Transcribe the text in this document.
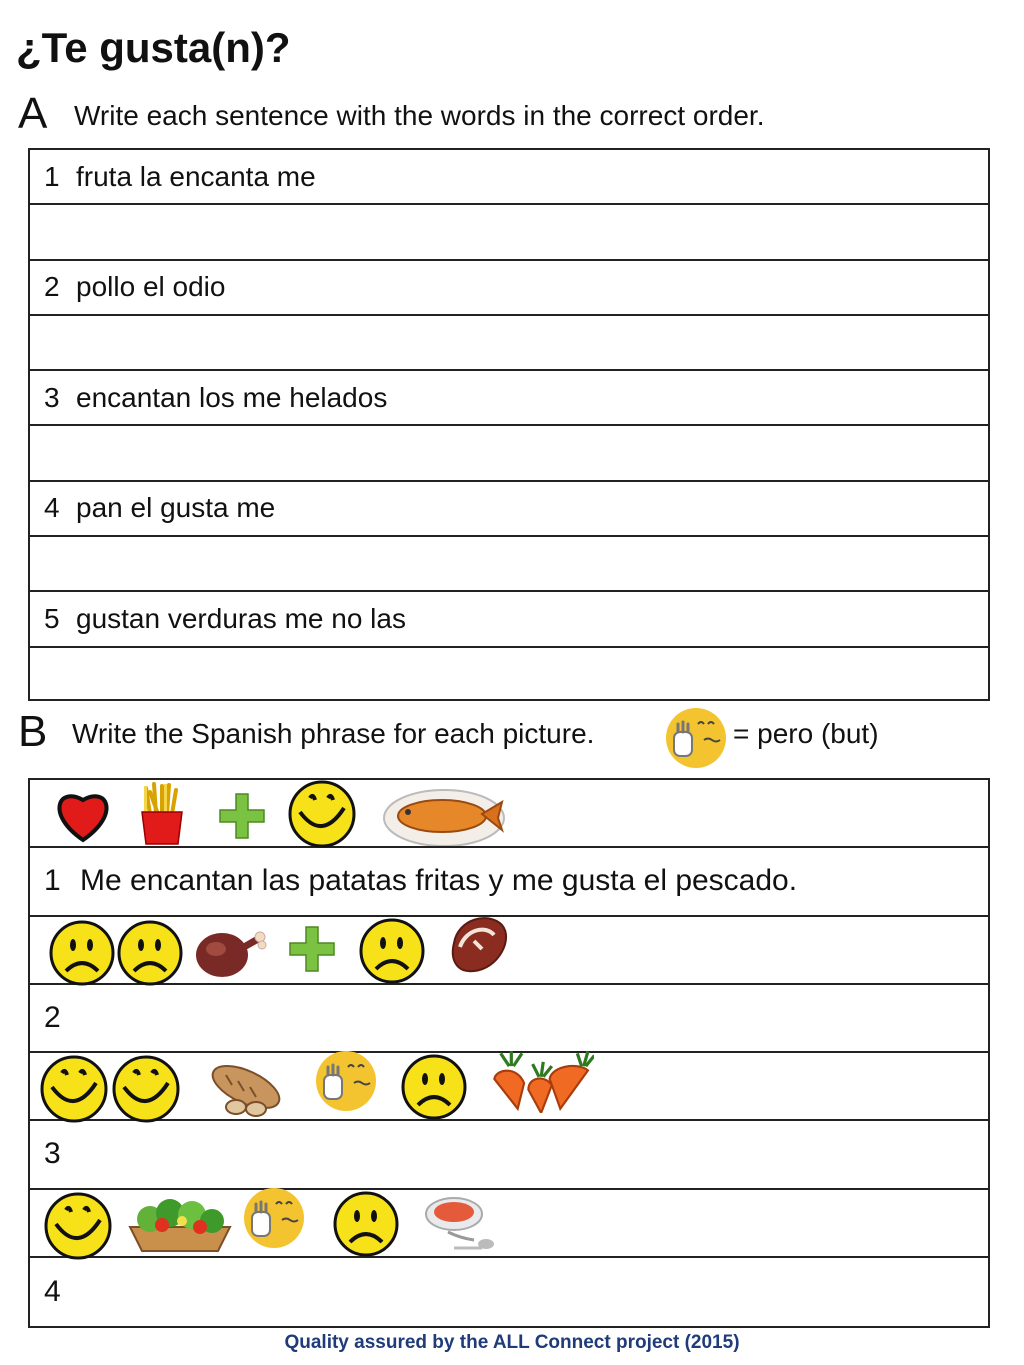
¿Te gusta(n)?
A Write each sentence with the words in the correct order.
1 fruta la encanta me
2 pollo el odio
3 encantan los me helados
4 pan el gusta me
5 gustan verduras me no las
B Write the Spanish phrase for each picture.	= pero (but)
1 Me encantan las patatas fritas y me gusta el pescado.
2
3
4
Quality assured by the ALL Connect project (2015)
